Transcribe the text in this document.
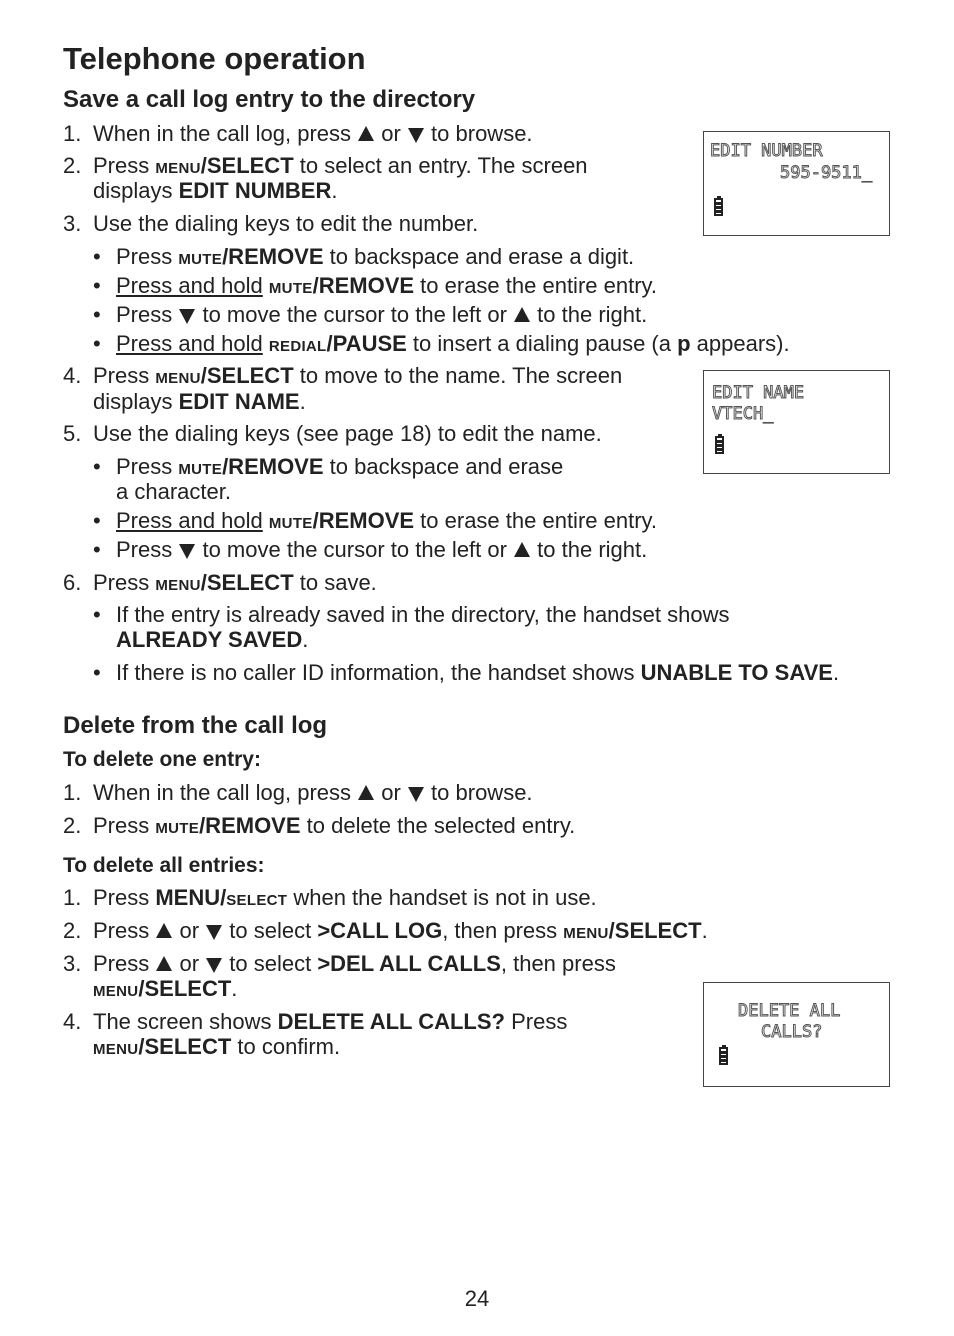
Telephone operation
Save a call log entry to the directory
1. When in the call log, press  or  to browse.
2. Press MENU/SELECT to select an entry. The screen
displays EDIT NUMBER.
3. Use the dialing keys to edit the number.
• Press MUTE/REMOVE to backspace and erase a digit.
• Press and hold MUTE/REMOVE to erase the entire entry.
• Press  to move the cursor to the left or  to the right.
• Press and hold REDIAL/PAUSE to insert a dialing pause (a p appears).
4. Press MENU/SELECT to move to the name. The screen
displays EDIT NAME.
5. Use the dialing keys (see page 18) to edit the name.
• Press MUTE/REMOVE to backspace and erase
a character.
• Press and hold MUTE/REMOVE to erase the entire entry.
• Press  to move the cursor to the left or  to the right.
6. Press MENU/SELECT to save.
• If the entry is already saved in the directory, the handset shows
ALREADY SAVED.
• If there is no caller ID information, the handset shows UNABLE TO SAVE.
Delete from the call log
To delete one entry:
1. When in the call log, press  or  to browse.
2. Press MUTE/REMOVE to delete the selected entry.
To delete all entries:
1. Press MENU/SELECT when the handset is not in use.
2. Press  or  to select >CALL LOG, then press MENU/SELECT.
3. Press  or  to select >DEL ALL CALLS, then press
MENU/SELECT.
4. The screen shows DELETE ALL CALLS? Press
MENU/SELECT to confirm.
EDIT NUMBER
595-9511_
EDIT NAME
VTECH_
DELETE ALL
CALLS?
24
